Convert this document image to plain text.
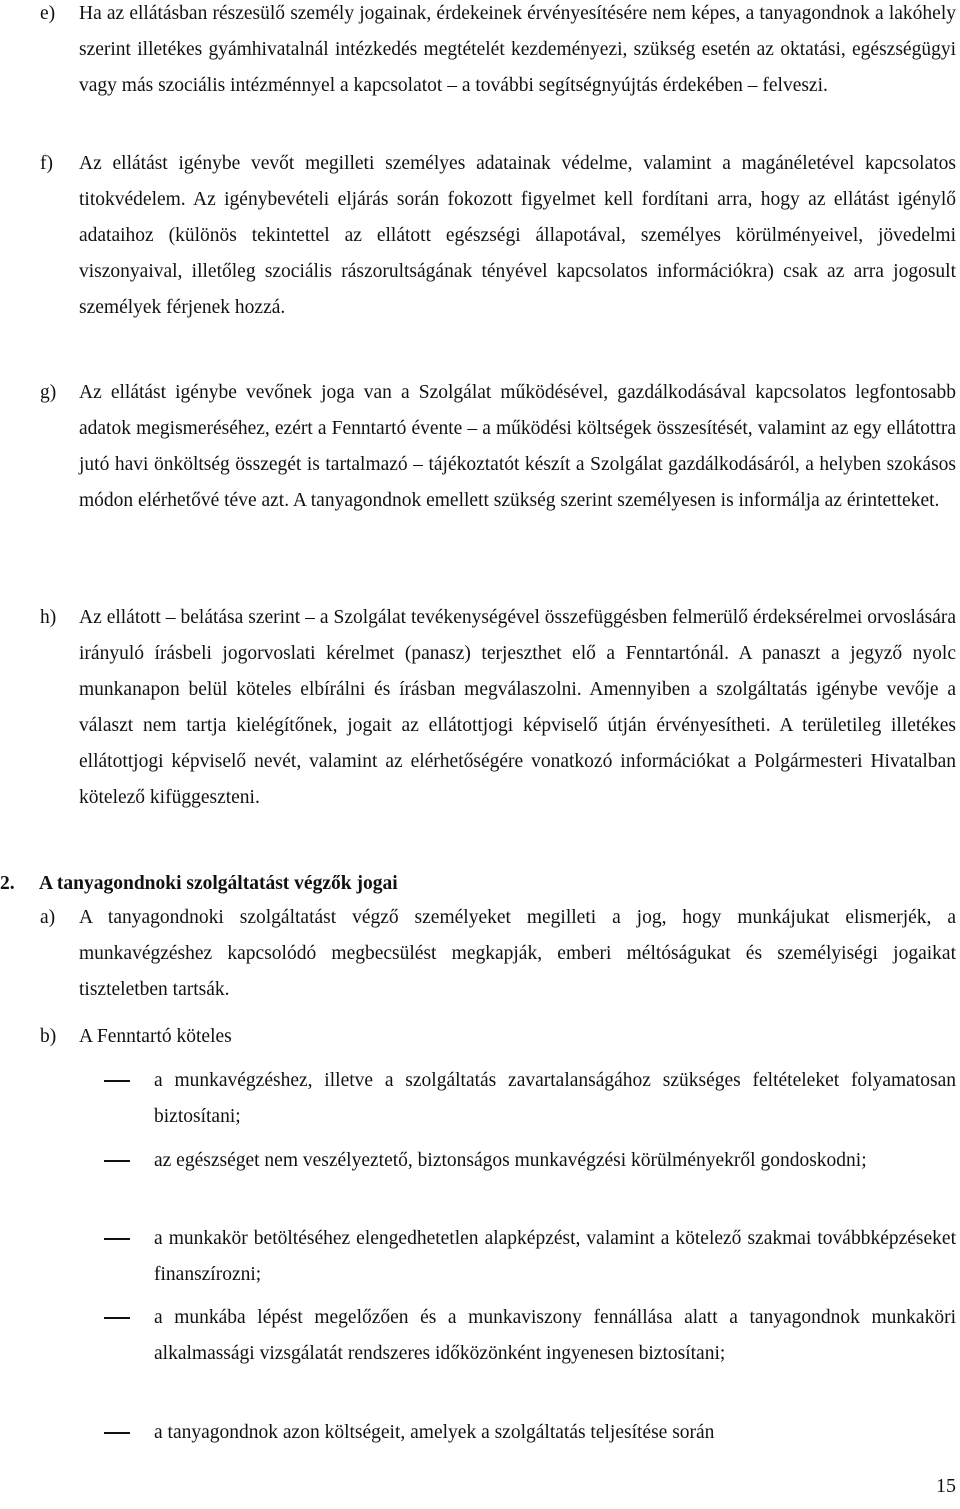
e)	Ha az ellátásban részesülő személy jogainak, érdekeinek érvényesítésére nem képes, a tanyagondnok a lakóhely szerint illetékes gyámhivatalnál intézkedés megtételét kezdeményezi, szükség esetén az oktatási, egészségügyi vagy más szociális intézménnyel a kapcsolatot – a további segítségnyújtás érdekében – felveszi.
f)	Az ellátást igénybe vevőt megilleti személyes adatainak védelme, valamint a magánéletével kapcsolatos titokvédelem. Az igénybevételi eljárás során fokozott figyelmet kell fordítani arra, hogy az ellátást igénylő adataihoz (különös tekintettel az ellátott egészségi állapotával, személyes körülményeivel, jövedelmi viszonyaival, illetőleg szociális rászorultságának tényével kapcsolatos információkra) csak az arra jogosult személyek férjenek hozzá.
g)	Az ellátást igénybe vevőnek joga van a Szolgálat működésével, gazdálkodásával kapcsolatos legfontosabb adatok megismeréséhez, ezért a Fenntartó évente – a működési költségek összesítését, valamint az egy ellátottra jutó havi önköltség összegét is tartalmazó – tájékoztatót készít a Szolgálat gazdálkodásáról, a helyben szokásos módon elérhetővé téve azt. A tanyagondnok emellett szükség szerint személyesen is informálja az érintetteket.
h)	Az ellátott – belátása szerint – a Szolgálat tevékenységével összefüggésben felmerülő érdeksérelmei orvoslására irányuló írásbeli jogorvoslati kérelmet (panasz) terjeszthet elő a Fenntartónál. A panaszt a jegyző nyolc munkanapon belül köteles elbírálni és írásban megválaszolni. Amennyiben a szolgáltatás igénybe vevője a választ nem tartja kielégítőnek, jogait az ellátottjogi képviselő útján érvényesítheti. A területileg illetékes ellátottjogi képviselő nevét, valamint az elérhetőségére vonatkozó információkat a Polgármesteri Hivatalban kötelező kifüggeszteni.
2. A tanyagondnoki szolgáltatást végzők jogai
a)	A tanyagondnoki szolgáltatást végző személyeket megilleti a jog, hogy munkájukat elismerjék, a munkavégzéshez kapcsolódó megbecsülést megkapják, emberi méltóságukat és személyiségi jogaikat tiszteletben tartsák.
b)	A Fenntartó köteles
a munkavégzéshez, illetve a szolgáltatás zavartalanságához szükséges feltételeket folyamatosan biztosítani;
az egészséget nem veszélyeztető, biztonságos munkavégzési körülményekről gondoskodni;
a munkakör betöltéséhez elengedhetetlen alapképzést, valamint a kötelező szakmai továbbképzéseket finanszírozni;
a munkába lépést megelőzően és a munkaviszony fennállása alatt a tanyagondnok munkaköri alkalmassági vizsgálatát rendszeres időközönként ingyenesen biztosítani;
a tanyagondnok azon költségeit, amelyek a szolgáltatás teljesítése során
15
